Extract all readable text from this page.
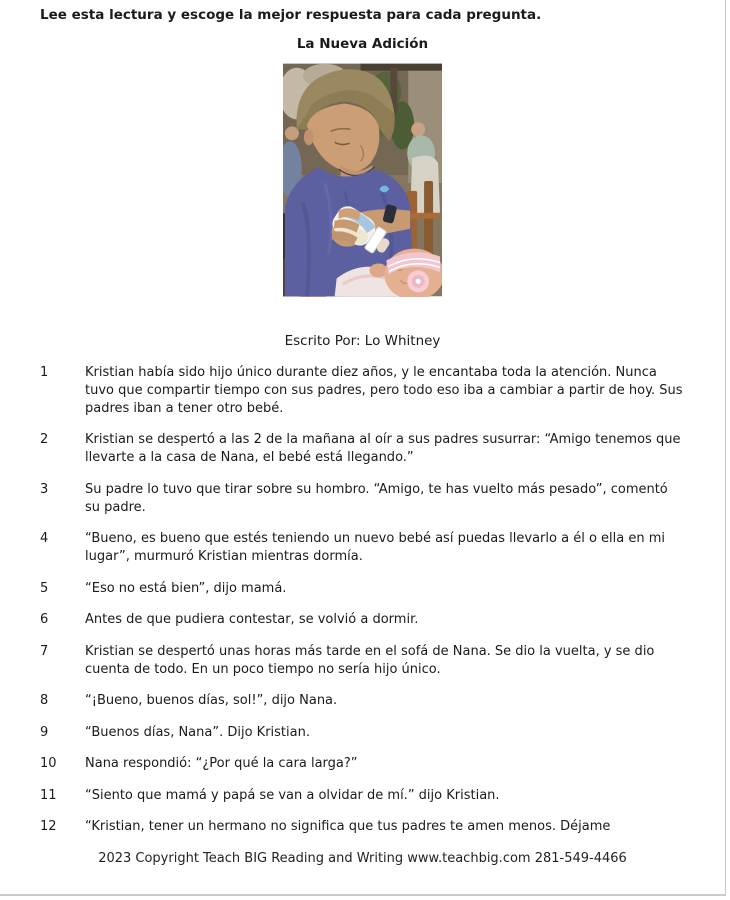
Lee esta lectura y escoge la mejor respuesta para cada pregunta.

La Nueva Adición

Escrito Por: Lo Whitney

1	Kristian había sido hijo único durante diez años, y le encantaba toda la atención. Nunca tuvo que compartir tiempo con sus padres, pero todo eso iba a cambiar a partir de hoy. Sus padres iban a tener otro bebé.
2	Kristian se despertó a las 2 de la mañana al oír a sus padres susurrar: “Amigo tenemos que llevarte a la casa de Nana, el bebé está llegando.”
3	Su padre lo tuvo que tirar sobre su hombro. “Amigo, te has vuelto más pesado”, comentó su padre.
4	“Bueno, es bueno que estés teniendo un nuevo bebé así puedas llevarlo a él o ella en mi lugar”, murmuró Kristian mientras dormía.
5	“Eso no está bien”, dijo mamá.
6	Antes de que pudiera contestar, se volvió a dormir.
7	Kristian se despertó unas horas más tarde en el sofá de Nana. Se dio la vuelta, y se dio cuenta de todo. En un poco tiempo no sería hijo único.
8	“¡Bueno, buenos días, sol!”, dijo Nana.
9	“Buenos días, Nana”. Dijo Kristian.
10	Nana respondió: “¿Por qué la cara larga?”
11	“Siento que mamá y papá se van a olvidar de mí.” dijo Kristian.
12	“Kristian, tener un hermano no significa que tus padres te amen menos. Déjame

2023 Copyright Teach BIG Reading and Writing www.teachbig.com 281-549-4466
